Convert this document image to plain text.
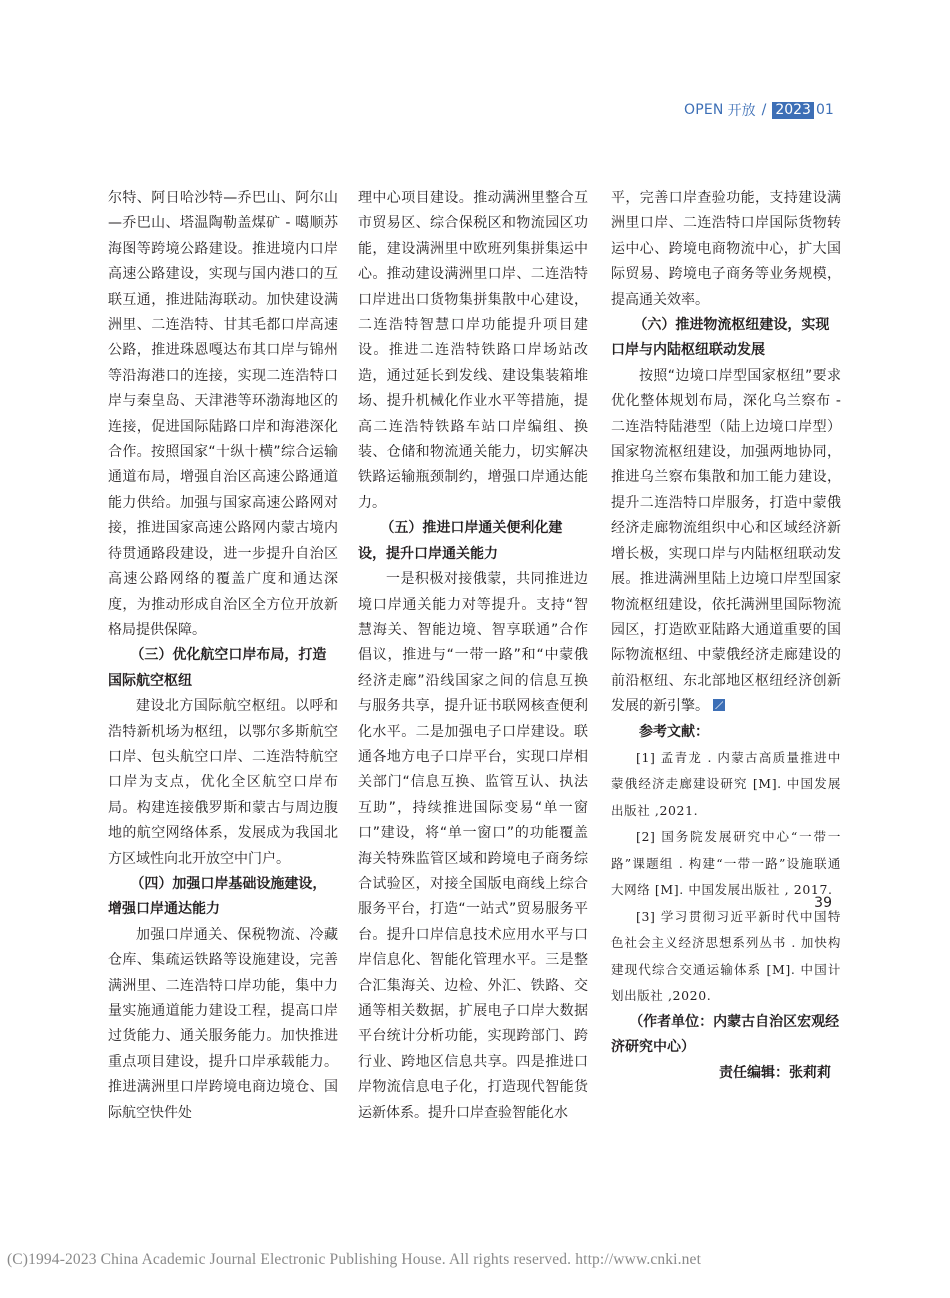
OPEN 开放 / 2023 01

尔特、阿日哈沙特—乔巴山、阿尔山—乔巴山、塔温陶勒盖煤矿 - 噶顺苏海图等跨境公路建设。推进境内口岸高速公路建设，实现与国内港口的互联互通，推进陆海联动。加快建设满洲里、二连浩特、甘其毛都口岸高速公路，推进珠恩嘎达布其口岸与锦州等沿海港口的连接，实现二连浩特口岸与秦皇岛、天津港等环渤海地区的连接，促进国际陆路口岸和海港深化合作。按照国家“十纵十横”综合运输通道布局，增强自治区高速公路通道能力供给。加强与国家高速公路网对接，推进国家高速公路网内蒙古境内待贯通路段建设，进一步提升自治区高速公路网络的覆盖广度和通达深度，为推动形成自治区全方位开放新格局提供保障。

（三）优化航空口岸布局，打造国际航空枢纽

建设北方国际航空枢纽。以呼和浩特新机场为枢纽，以鄂尔多斯航空口岸、包头航空口岸、二连浩特航空口岸为支点，优化全区航空口岸布局。构建连接俄罗斯和蒙古与周边腹地的航空网络体系，发展成为我国北方区域性向北开放空中门户。

（四）加强口岸基础设施建设，增强口岸通达能力

加强口岸通关、保税物流、冷藏仓库、集疏运铁路等设施建设，完善满洲里、二连浩特口岸功能，集中力量实施通道能力建设工程，提高口岸过货能力、通关服务能力。加快推进重点项目建设，提升口岸承载能力。推进满洲里口岸跨境电商边境仓、国际航空快件处

理中心项目建设。推动满洲里整合互市贸易区、综合保税区和物流园区功能，建设满洲里中欧班列集拼集运中心。推动建设满洲里口岸、二连浩特口岸进出口货物集拼集散中心建设，二连浩特智慧口岸功能提升项目建设。推进二连浩特铁路口岸场站改造，通过延长到发线、建设集装箱堆场、提升机械化作业水平等措施，提高二连浩特铁路车站口岸编组、换装、仓储和物流通关能力，切实解决铁路运输瓶颈制约，增强口岸通达能力。

（五）推进口岸通关便利化建设，提升口岸通关能力

一是积极对接俄蒙，共同推进边境口岸通关能力对等提升。支持“智慧海关、智能边境、智享联通”合作倡议，推进与“一带一路”和“中蒙俄经济走廊”沿线国家之间的信息互换与服务共享，提升证书联网核查便利化水平。二是加强电子口岸建设。联通各地方电子口岸平台，实现口岸相关部门“信息互换、监管互认、执法互助”，持续推进国际变易“单一窗口”建设，将“单一窗口”的功能覆盖海关特殊监管区域和跨境电子商务综合试验区，对接全国版电商线上综合服务平台，打造“一站式”贸易服务平台。提升口岸信息技术应用水平与口岸信息化、智能化管理水平。三是整合汇集海关、边检、外汇、铁路、交通等相关数据，扩展电子口岸大数据平台统计分析功能，实现跨部门、跨行业、跨地区信息共享。四是推进口岸物流信息电子化，打造现代智能货运新体系。提升口岸查验智能化水

平，完善口岸查验功能，支持建设满洲里口岸、二连浩特口岸国际货物转运中心、跨境电商物流中心，扩大国际贸易、跨境电子商务等业务规模，提高通关效率。

（六）推进物流枢纽建设，实现口岸与内陆枢纽联动发展

按照“边境口岸型国家枢纽”要求优化整体规划布局，深化乌兰察布 - 二连浩特陆港型（陆上边境口岸型）国家物流枢纽建设，加强两地协同，推进乌兰察布集散和加工能力建设，提升二连浩特口岸服务，打造中蒙俄经济走廊物流组织中心和区域经济新增长极，实现口岸与内陆枢纽联动发展。推进满洲里陆上边境口岸型国家物流枢纽建设，依托满洲里国际物流园区，打造欧亚陆路大通道重要的国际物流枢纽、中蒙俄经济走廊建设的前沿枢纽、东北部地区枢纽经济创新发展的新引擎。

参考文献：

[1] 孟青龙 . 内蒙古高质量推进中蒙俄经济走廊建设研究 [M]. 中国发展出版社 ,2021.

[2] 国务院发展研究中心“一带一路”课题组 . 构建“一带一路”设施联通大网络 [M]. 中国发展出版社 , 2017.

[3] 学习贯彻习近平新时代中国特色社会主义经济思想系列丛书 . 加快构建现代综合交通运输体系 [M]. 中国计划出版社 ,2020.

（作者单位：内蒙古自治区宏观经济研究中心）

责任编辑：张莉莉

39
(C)1994-2023 China Academic Journal Electronic Publishing House. All rights reserved. http://www.cnki.net
